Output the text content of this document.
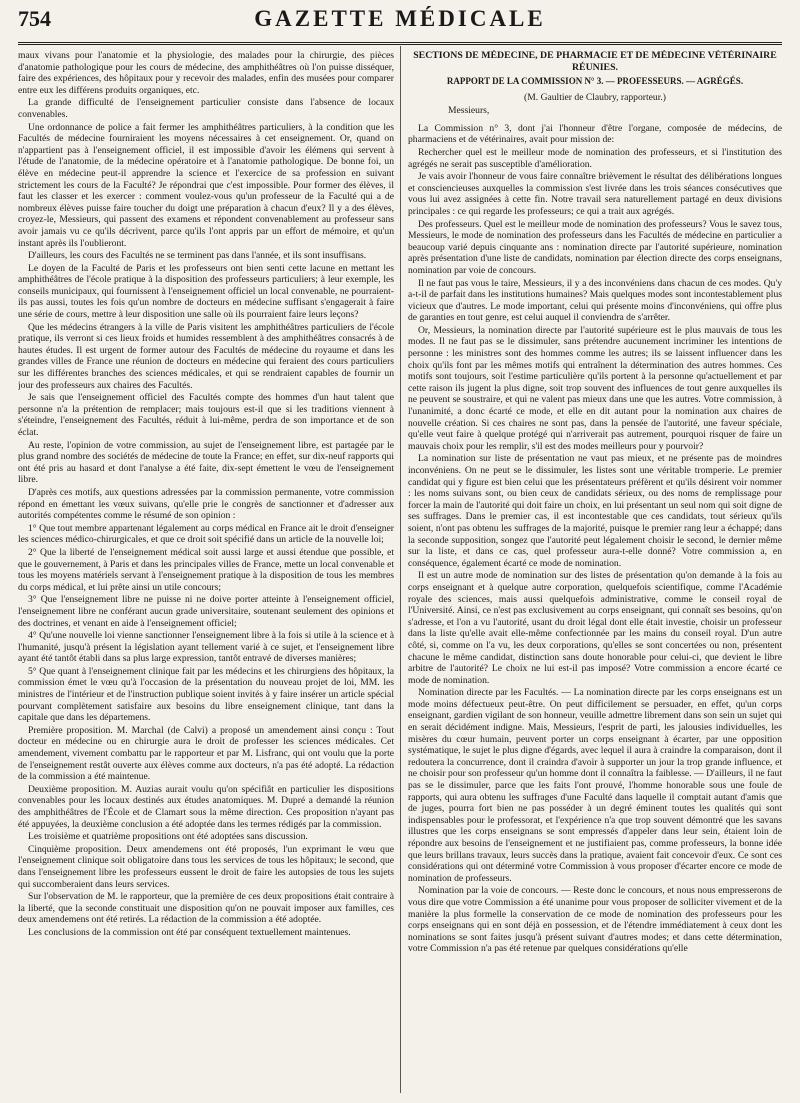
754	GAZETTE MÉDICALE

maux vivans pour l'anatomie et la physiologie, des malades pour la chirurgie, des pièces d'anatomie pathologique pour les cours de médecine, des amphithéâtres où l'on puisse disséquer, faire des expériences, des hôpitaux pour y recevoir des malades, enfin des musées pour comparer entre eux les différens produits organiques, etc.

La grande difficulté de l'enseignement particulier consiste dans l'absence de locaux convenables.

Une ordonnance de police a fait fermer les amphithéâtres particuliers, à la condition que les Facultés de médecine fourniraient les moyens nécessaires à cet enseignement. Or, quand on n'appartient pas à l'enseignement officiel, il est impossible d'avoir les élémens qui servent à l'étude de l'anatomie, de la médecine opératoire et à l'anatomie pathologique. De bonne foi, un élève en médecine peut-il apprendre la science et l'exercice de sa profession en suivant strictement les cours de la Faculté? Je répondrai que c'est impossible. Pour former des élèves, il faut les classer et les exercer : comment voulez-vous qu'un professeur de la Faculté qui a de nombreux élèves puisse faire toucher du doigt une préparation à chacun d'eux? Il y a des élèves, croyez-le, Messieurs, qui passent des examens et répondent convenablement au professeur sans avoir jamais vu ce qu'ils décrivent, parce qu'ils l'ont appris par un effort de mémoire, et qu'un instant après ils l'oublieront.

D'ailleurs, les cours des Facultés ne se terminent pas dans l'année, et ils sont insuffisans.

Le doyen de la Faculté de Paris et les professeurs ont bien senti cette lacune en mettant les amphithéâtres de l'école pratique à la disposition des professeurs particuliers; à leur exemple, les conseils municipaux, qui fournissent à l'enseignement officiel un local convenable, ne pourraient-ils pas aussi, toutes les fois qu'un nombre de docteurs en médecine suffisant s'engagerait à faire une série de cours, mettre à leur disposition une salle où ils pourraient faire leurs leçons?

Que les médecins étrangers à la ville de Paris visitent les amphithéâtres particuliers de l'école pratique, ils verront si ces lieux froids et humides ressemblent à des amphithéâtres consacrés à de hautes études. Il est urgent de former autour des Facultés de médecine du royaume et dans les grandes villes de France une réunion de docteurs en médecine qui feraient des cours particuliers sur les différentes branches des sciences médicales, et qui se rendraient capables de fournir un jour des professeurs aux chaires des Facultés.

Je sais que l'enseignement officiel des Facultés compte des hommes d'un haut talent que personne n'a la prétention de remplacer; mais toujours est-il que si les traditions viennent à s'éteindre, l'enseignement des Facultés, réduit à lui-même, perdra de son importance et de son éclat.

Au reste, l'opinion de votre commission, au sujet de l'enseignement libre, est partagée par le plus grand nombre des sociétés de médecine de toute la France; en effet, sur dix-neuf rapports qui ont été pris au hasard et dont l'analyse a été faite, dix-sept émettent le vœu de l'enseignement libre.

D'après ces motifs, aux questions adressées par la commission permanente, votre commission répond en émettant les vœux suivans, qu'elle prie le congrès de sanctionner et d'adresser aux autorités compétentes comme le résumé de son opinion :

1° Que tout membre appartenant légalement au corps médical en France ait le droit d'enseigner les sciences médico-chirurgicales, et que ce droit soit spécifié dans un article de la nouvelle loi;

2° Que la liberté de l'enseignement médical soit aussi large et aussi étendue que possible, et que le gouvernement, à Paris et dans les principales villes de France, mette un local convenable et tous les moyens matériels servant à l'enseignement pratique à la disposition de tous les membres du corps médical, et lui prête ainsi un utile concours;

3° Que l'enseignement libre ne puisse ni ne doive porter atteinte à l'enseignement officiel, l'enseignement libre ne conférant aucun grade universitaire, soutenant seulement des opinions et des doctrines, et venant en aide à l'enseignement officiel;

4° Qu'une nouvelle loi vienne sanctionner l'enseignement libre à la fois si utile à la science et à l'humanité, jusqu'à présent la législation ayant tellement varié à ce sujet, et l'enseignement libre ayant été tantôt établi dans sa plus large expression, tantôt entravé de diverses manières;

5° Que quant à l'enseignement clinique fait par les médecins et les chirurgiens des hôpitaux, la commission émet le vœu qu'à l'occasion de la présentation du nouveau projet de loi, MM. les ministres de l'intérieur et de l'instruction publique soient invités à y faire insérer un article spécial pourvant complètement satisfaire aux besoins du libre enseignement clinique, tant dans la capitale que dans les départemens.

Première proposition. M. Marchal (de Calvi) a proposé un amendement ainsi conçu : Tout docteur en médecine ou en chirurgie aura le droit de professer les sciences médicales. Cet amendement, vivement combattu par le rapporteur et par M. Lisfranc, qui ont voulu que la porte de l'enseignement restât ouverte aux élèves comme aux docteurs, n'a pas été adopté. La rédaction de la commission a été maintenue.

Deuxième proposition. M. Auzias aurait voulu qu'on spécifiât en particulier les dispositions convenables pour les locaux destinés aux études anatomiques. M. Dupré a demandé la réunion des amphithéâtres de l'École et de Clamart sous la même direction. Ces proposition n'ayant pas été appuyées, la deuxième conclusion a été adoptée dans les termes rédigés par la commission.

Les troisième et quatrième propositions ont été adoptées sans discussion.

Cinquième proposition. Deux amendemens ont été proposés, l'un exprimant le vœu que l'enseignement clinique soit obligatoire dans tous les services de tous les hôpitaux; le second, que dans l'enseignement libre les professeurs eussent le droit de faire les autopsies de tous les sujets qui succomberaient dans leurs services.

Sur l'observation de M. le rapporteur, que la première de ces deux propositions était contraire à la liberté, que la seconde constituait une disposition qu'on ne pouvait imposer aux familles, ces deux amendemens ont été retirés. La rédaction de la commission a été adoptée.

Les conclusions de la commission ont été par conséquent textuellement maintenues.

SECTIONS DE MÉDECINE, DE PHARMACIE ET DE MÉDECINE VÉTÉRINAIRE RÉUNIES.
RAPPORT DE LA COMMISSION N° 3. — PROFESSEURS. — AGRÉGÉS.
(M. Gaultier de Claubry, rapporteur.)
Messieurs,

La Commission n° 3, dont j'ai l'honneur d'être l'organe, composée de médecins, de pharmaciens et de vétérinaires, avait pour mission de:

Rechercher quel est le meilleur mode de nomination des professeurs, et si l'institution des agrégés ne serait pas susceptible d'amélioration.

Je vais avoir l'honneur de vous faire connaître brièvement le résultat des délibérations longues et consciencieuses auxquelles la commission s'est livrée dans les trois séances consécutives que vous lui avez assignées à cette fin. Notre travail sera naturellement partagé en deux divisions principales : ce qui regarde les professeurs; ce qui a trait aux agrégés.

Des professeurs. Quel est le meilleur mode de nomination des professeurs? Vous le savez tous, Messieurs, le mode de nomination des professeurs dans les Facultés de médecine en particulier a beaucoup varié depuis cinquante ans : nomination directe par l'autorité supérieure, nomination après présentation d'une liste de candidats, nomination par élection directe des corps enseignans, nomination par voie de concours.

Il ne faut pas vous le taire, Messieurs, il y a des inconvéniens dans chacun de ces modes. Qu'y a-t-il de parfait dans les institutions humaines? Mais quelques modes sont incontestablement plus vicieux que d'autres. Le mode important, celui qui présente moins d'inconvéniens, qui offre plus de garanties en tout genre, est celui auquel il conviendra de s'arrêter.

Or, Messieurs, la nomination directe par l'autorité supérieure est le plus mauvais de tous les modes. Il ne faut pas se le dissimuler, sans prétendre aucunement incriminer les intentions de personne : les ministres sont des hommes comme les autres; ils se laissent influencer dans les choix qu'ils font par les mêmes motifs qui entraînent la détermination des autres hommes. Ces motifs sont toujours, soit l'estime particulière qu'ils portent à la personne qu'actuellement et par cette raison ils jugent la plus digne, soit trop souvent des influences de tout genre auxquelles ils ne peuvent se soustraire, et qui ne valent pas mieux dans une que les autres. Votre commission, à l'unanimité, a donc écarté ce mode, et elle en dit autant pour la nomination aux chaires de nouvelle création. Si ces chaires ne sont pas, dans la pensée de l'autorité, une faveur spéciale, qu'elle veut faire à quelque protégé qui n'arriverait pas autrement, pourquoi risquer de faire un mauvais choix pour les remplir, s'il est des modes meilleurs pour y pourvoir?

La nomination sur liste de présentation ne vaut pas mieux, et ne présente pas de moindres inconvéniens. On ne peut se le dissimuler, les listes sont une véritable tromperie. Le premier candidat qui y figure est bien celui que les présentateurs préfèrent et qu'ils désirent voir nommer : les noms suivans sont, ou bien ceux de candidats sérieux, ou des noms de remplissage pour forcer la main de l'autorité qui doit faire un choix, en lui présentant un seul nom qui soit digne de ses suffrages. Dans le premier cas, il est incontestable que ces candidats, tout sérieux qu'ils soient, n'ont pas obtenu les suffrages de la majorité, puisque le premier rang leur a échappé; dans la seconde supposition, songez que l'autorité peut légalement choisir le second, le dernier même sur la liste, et dans ce cas, quel professeur aura-t-elle donné? Votre commission a, en conséquence, également écarté ce mode de nomination.

Il est un autre mode de nomination sur des listes de présentation qu'on demande à la fois au corps enseignant et à quelque autre corporation, quelquefois scientifique, comme l'Académie royale des sciences, mais aussi quelquefois administrative, comme le conseil royal de l'Université. Ainsi, ce n'est pas exclusivement au corps enseignant, qui connaît ses besoins, qu'on s'adresse, et l'on a vu l'autorité, usant du droit légal dont elle était investie, choisir un professeur dans la liste qu'elle avait elle-même confectionnée par les mains du conseil royal. D'un autre côté, si, comme on l'a vu, les deux corporations, qu'elles se sont concertées ou non, présentent chacune le même candidat, distinction sans doute honorable pour celui-ci, que devient le libre arbitre de l'autorité? Le choix ne lui est-il pas imposé? Votre commission a encore écarté ce mode de nomination.

Nomination directe par les Facultés. — La nomination directe par les corps enseignans est un mode moins défectueux peut-être. On peut difficilement se persuader, en effet, qu'un corps enseignant, gardien vigilant de son honneur, veuille admettre librement dans son sein un sujet qui en serait décidément indigne. Mais, Messieurs, l'esprit de parti, les jalousies individuelles, les misères du cœur humain, peuvent porter un corps enseignant à écarter, par une opposition systématique, le sujet le plus digne d'égards, avec lequel il aura à craindre la comparaison, dont il redoutera la concurrence, dont il craindra d'avoir à supporter un jour la trop grande influence, et ne choisir pour son professeur qu'un homme dont il connaîtra la faiblesse. — D'ailleurs, il ne faut pas se le dissimuler, parce que les faits l'ont prouvé, l'homme honorable sous une foule de rapports, qui aura obtenu les suffrages d'une Faculté dans laquelle il comptait autant d'amis que de juges, pourra fort bien ne pas posséder à un degré éminent toutes les qualités qui sont indispensables pour le professorat, et l'expérience n'a que trop souvent démontré que les savans illustres que les corps enseignans se sont empressés d'appeler dans leur sein, étaient loin de répondre aux besoins de l'enseignement et ne justifiaient pas, comme professeurs, la bonne idée que leurs brillans travaux, leurs succès dans la pratique, avaient fait concevoir d'eux. Ce sont ces considérations qui ont déterminé votre Commission à vous proposer d'écarter encore ce mode de nomination de professeurs.

Nomination par la voie de concours. — Reste donc le concours, et nous nous empresserons de vous dire que votre Commission a été unanime pour vous proposer de solliciter vivement et de la manière la plus formelle la conservation de ce mode de nomination des professeurs pour les corps enseignans qui en sont déjà en possession, et de l'étendre immédiatement à ceux dont les nominations se sont faites jusqu'à présent suivant d'autres modes; et dans cette détermination, votre Commission n'a pas été retenue par quelques considérations qu'elle
